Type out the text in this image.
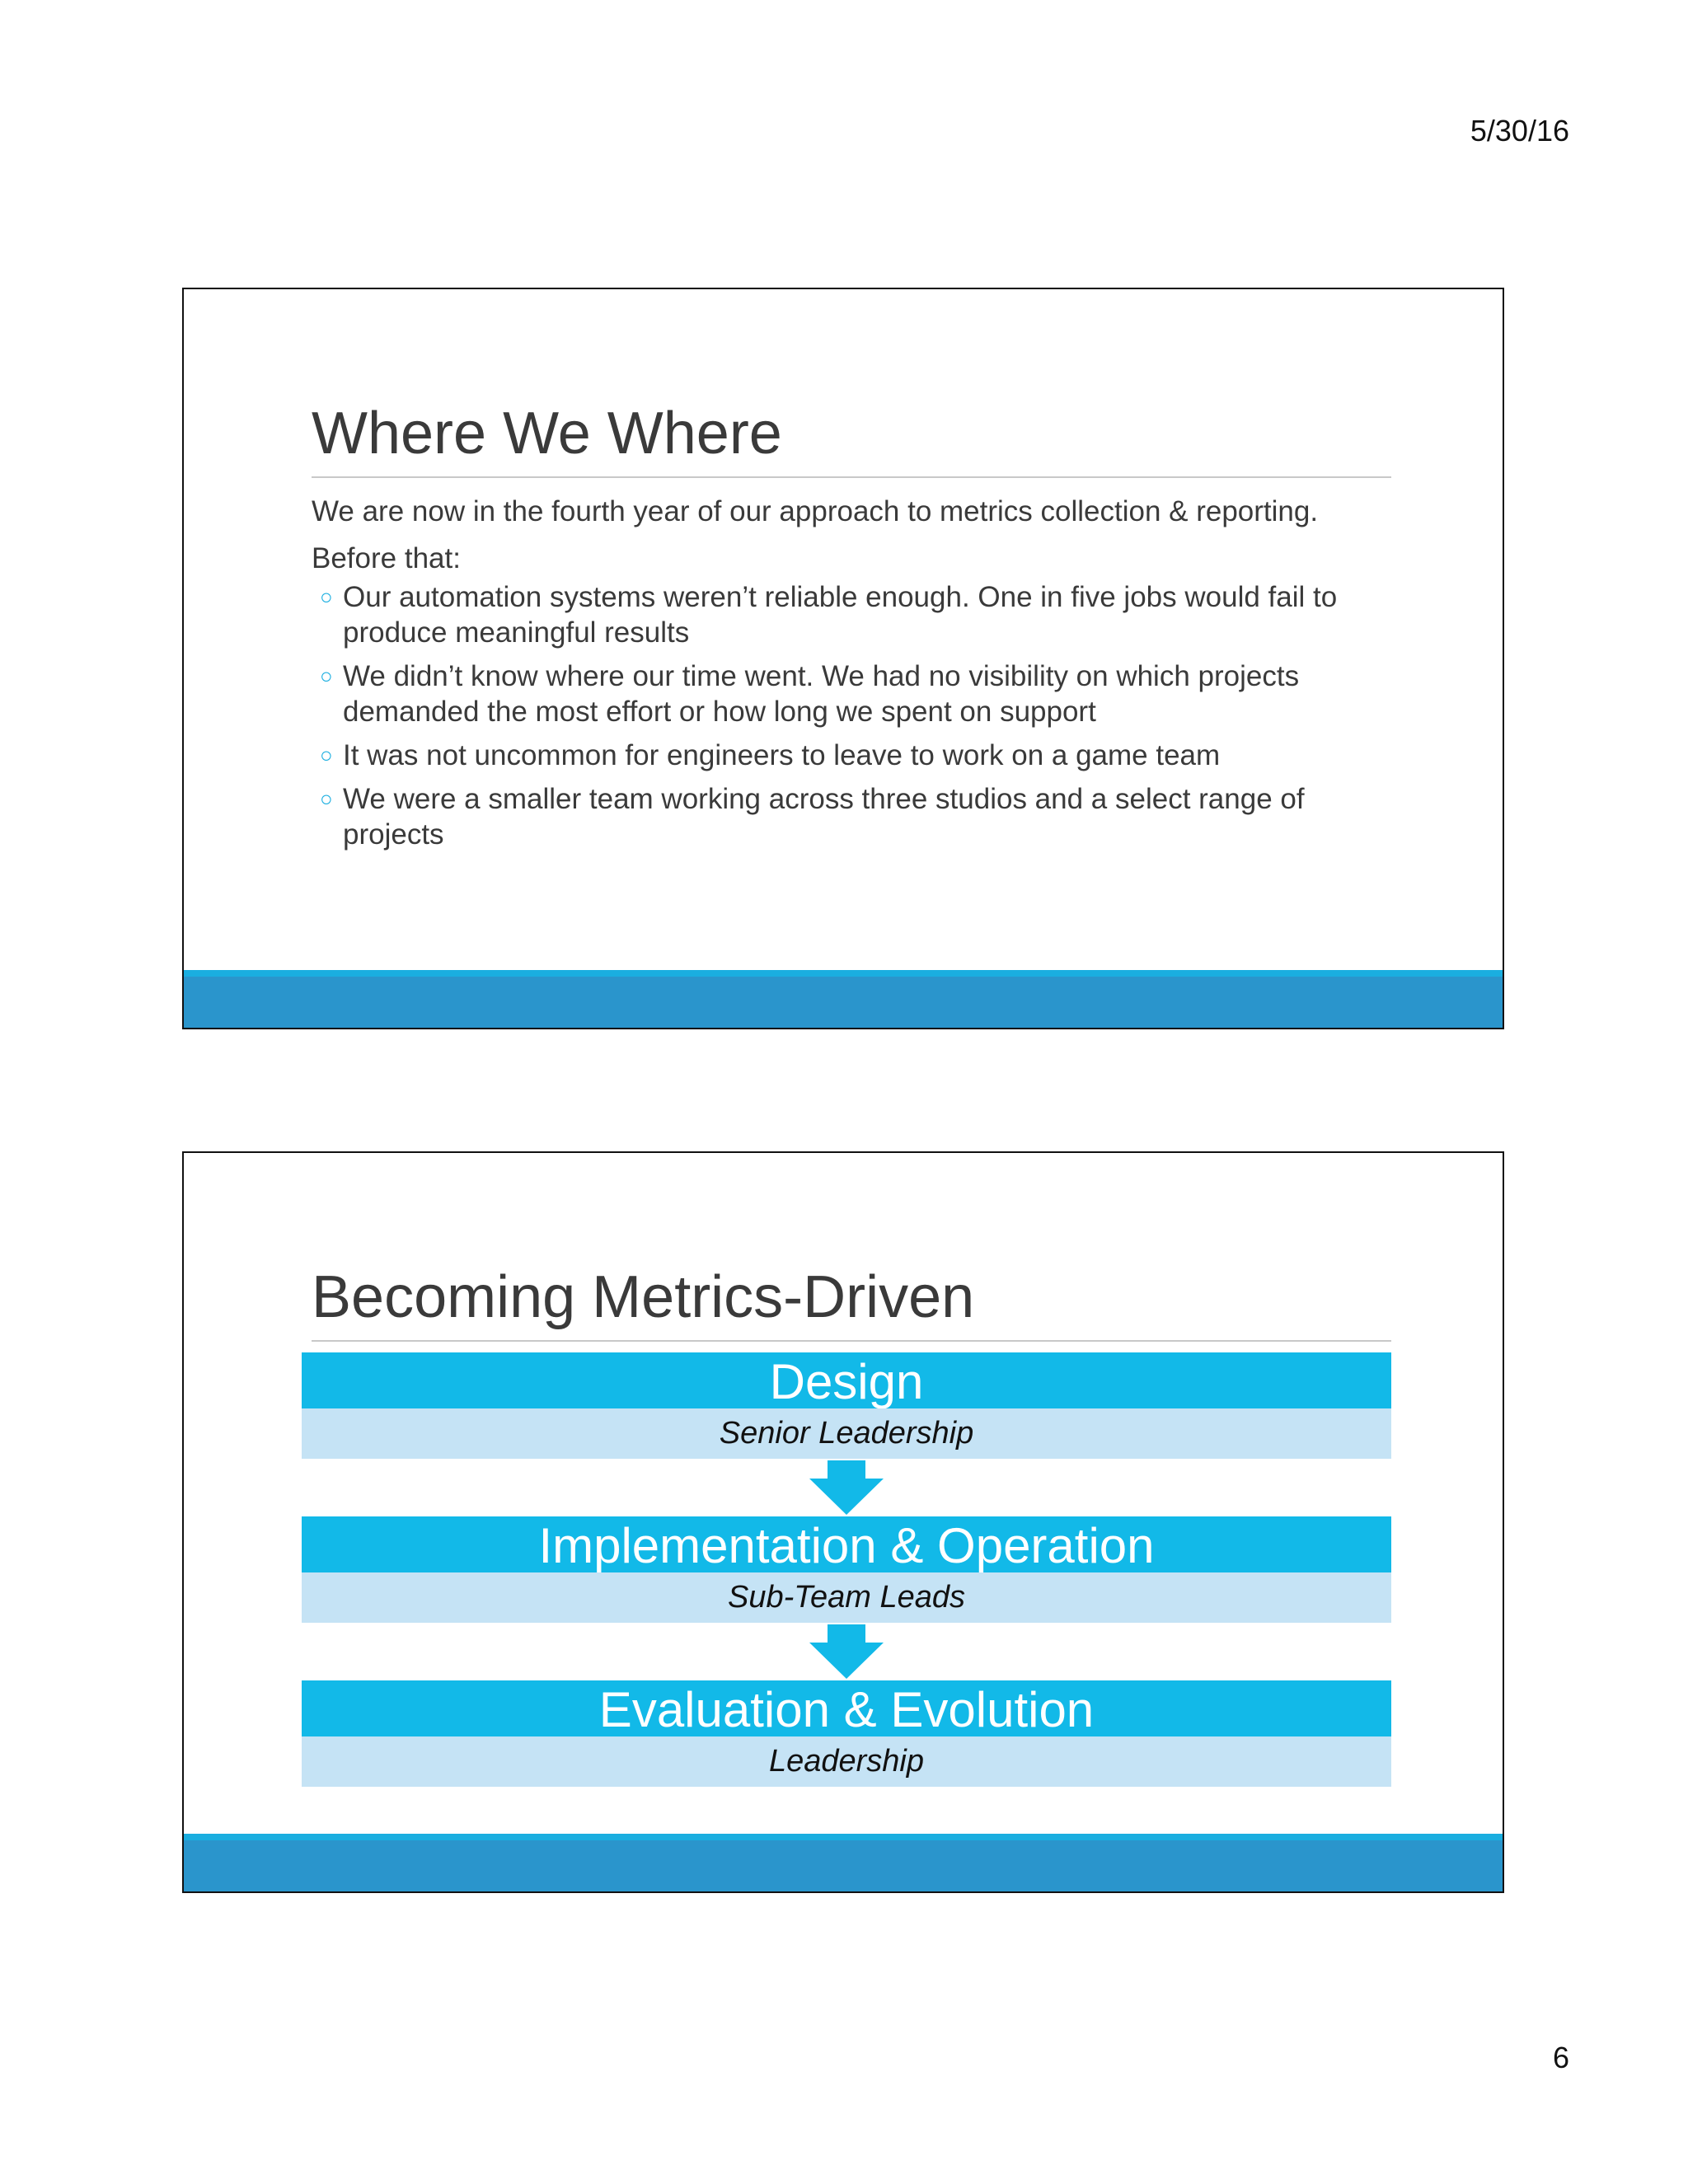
5/30/16
Where We Where

We are now in the fourth year of our approach to metrics collection & reporting.

Before that:

○ Our automation systems weren’t reliable enough. One in five jobs would fail to produce meaningful results
○ We didn’t know where our time went. We had no visibility on which projects demanded the most effort or how long we spent on support
○ It was not uncommon for engineers to leave to work on a game team
○ We were a smaller team working across three studios and a select range of projects
Becoming Metrics-Driven
Design
Senior Leadership
Implementation & Operation
Sub-Team Leads
Evaluation & Evolution
Leadership
6
